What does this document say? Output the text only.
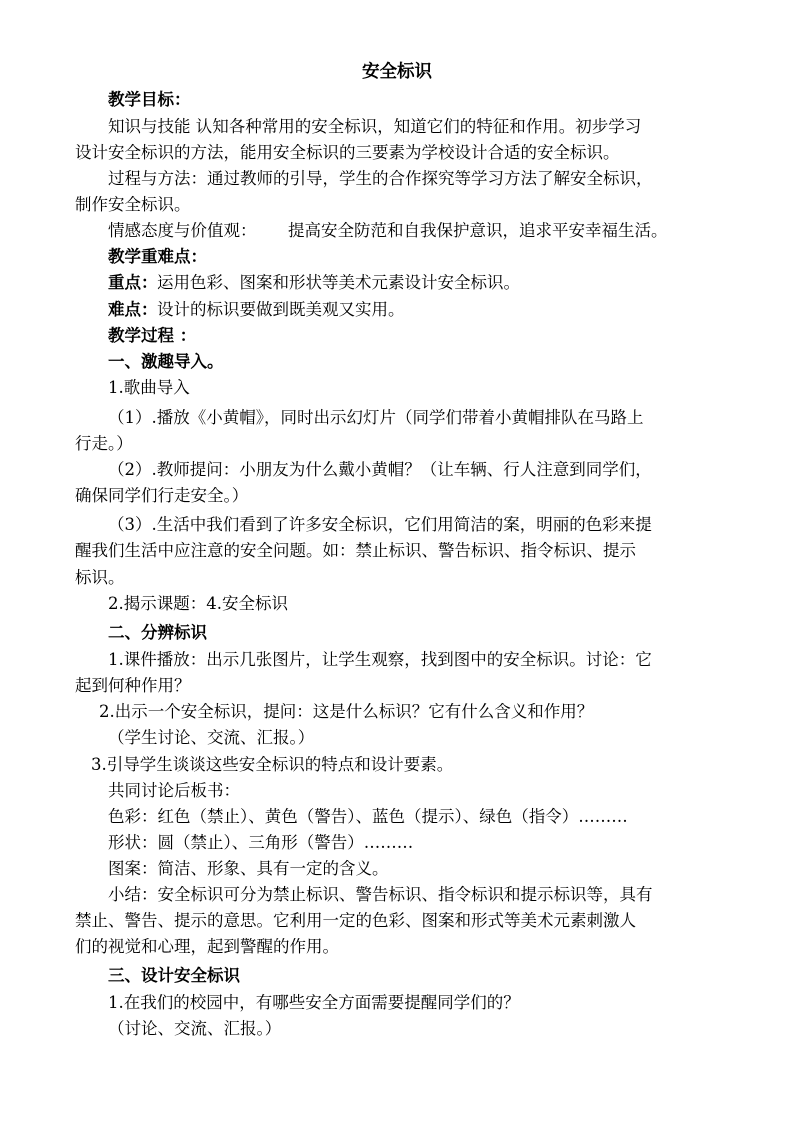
安全标识
教学目标：
知识与技能 认知各种常用的安全标识，知道它们的特征和作用。初步学习
设计安全标识的方法，能用安全标识的三要素为学校设计合适的安全标识。
过程与方法：通过教师的引导，学生的合作探究等学习方法了解安全标识，
制作安全标识。
情感态度与价值观： 提高安全防范和自我保护意识，追求平安幸福生活。
教学重难点：
重点： 运用色彩、图案和形状等美术元素设计安全标识。
难点： 设计的标识要做到既美观又实用。
教学过程 ：
一、激趣导入。
1.歌曲导入
（1）.播放《小黄帽》，同时出示幻灯片（同学们带着小黄帽排队在马路上
行走。）
（2）.教师提问：小朋友为什么戴小黄帽？（让车辆、行人注意到同学们，
确保同学们行走安全。）
（3）.生活中我们看到了许多安全标识，它们用简洁的案，明丽的色彩来提
醒我们生活中应注意的安全问题。如：禁止标识、警告标识、指令标识、提示
标识。
2.揭示课题：4.安全标识
二、分辨标识
1.课件播放：出示几张图片，让学生观察，找到图中的安全标识。讨论：它
起到何种作用？
2.出示一个安全标识，提问：这是什么标识？它有什么含义和作用？
（学生讨论、交流、汇报。）
3.引导学生谈谈这些安全标识的特点和设计要素。
共同讨论后板书：
色彩：红色（禁止）、黄色（警告）、蓝色（提示）、绿色（指令）………
形状：圆（禁止）、三角形（警告）………
图案：简洁、形象、具有一定的含义。
小结：安全标识可分为禁止标识、警告标识、指令标识和提示标识等，具有
禁止、警告、提示的意思。它利用一定的色彩、图案和形式等美术元素刺激人
们的视觉和心理，起到警醒的作用。
三、设计安全标识
1.在我们的校园中，有哪些安全方面需要提醒同学们的？
（讨论、交流、汇报。）
